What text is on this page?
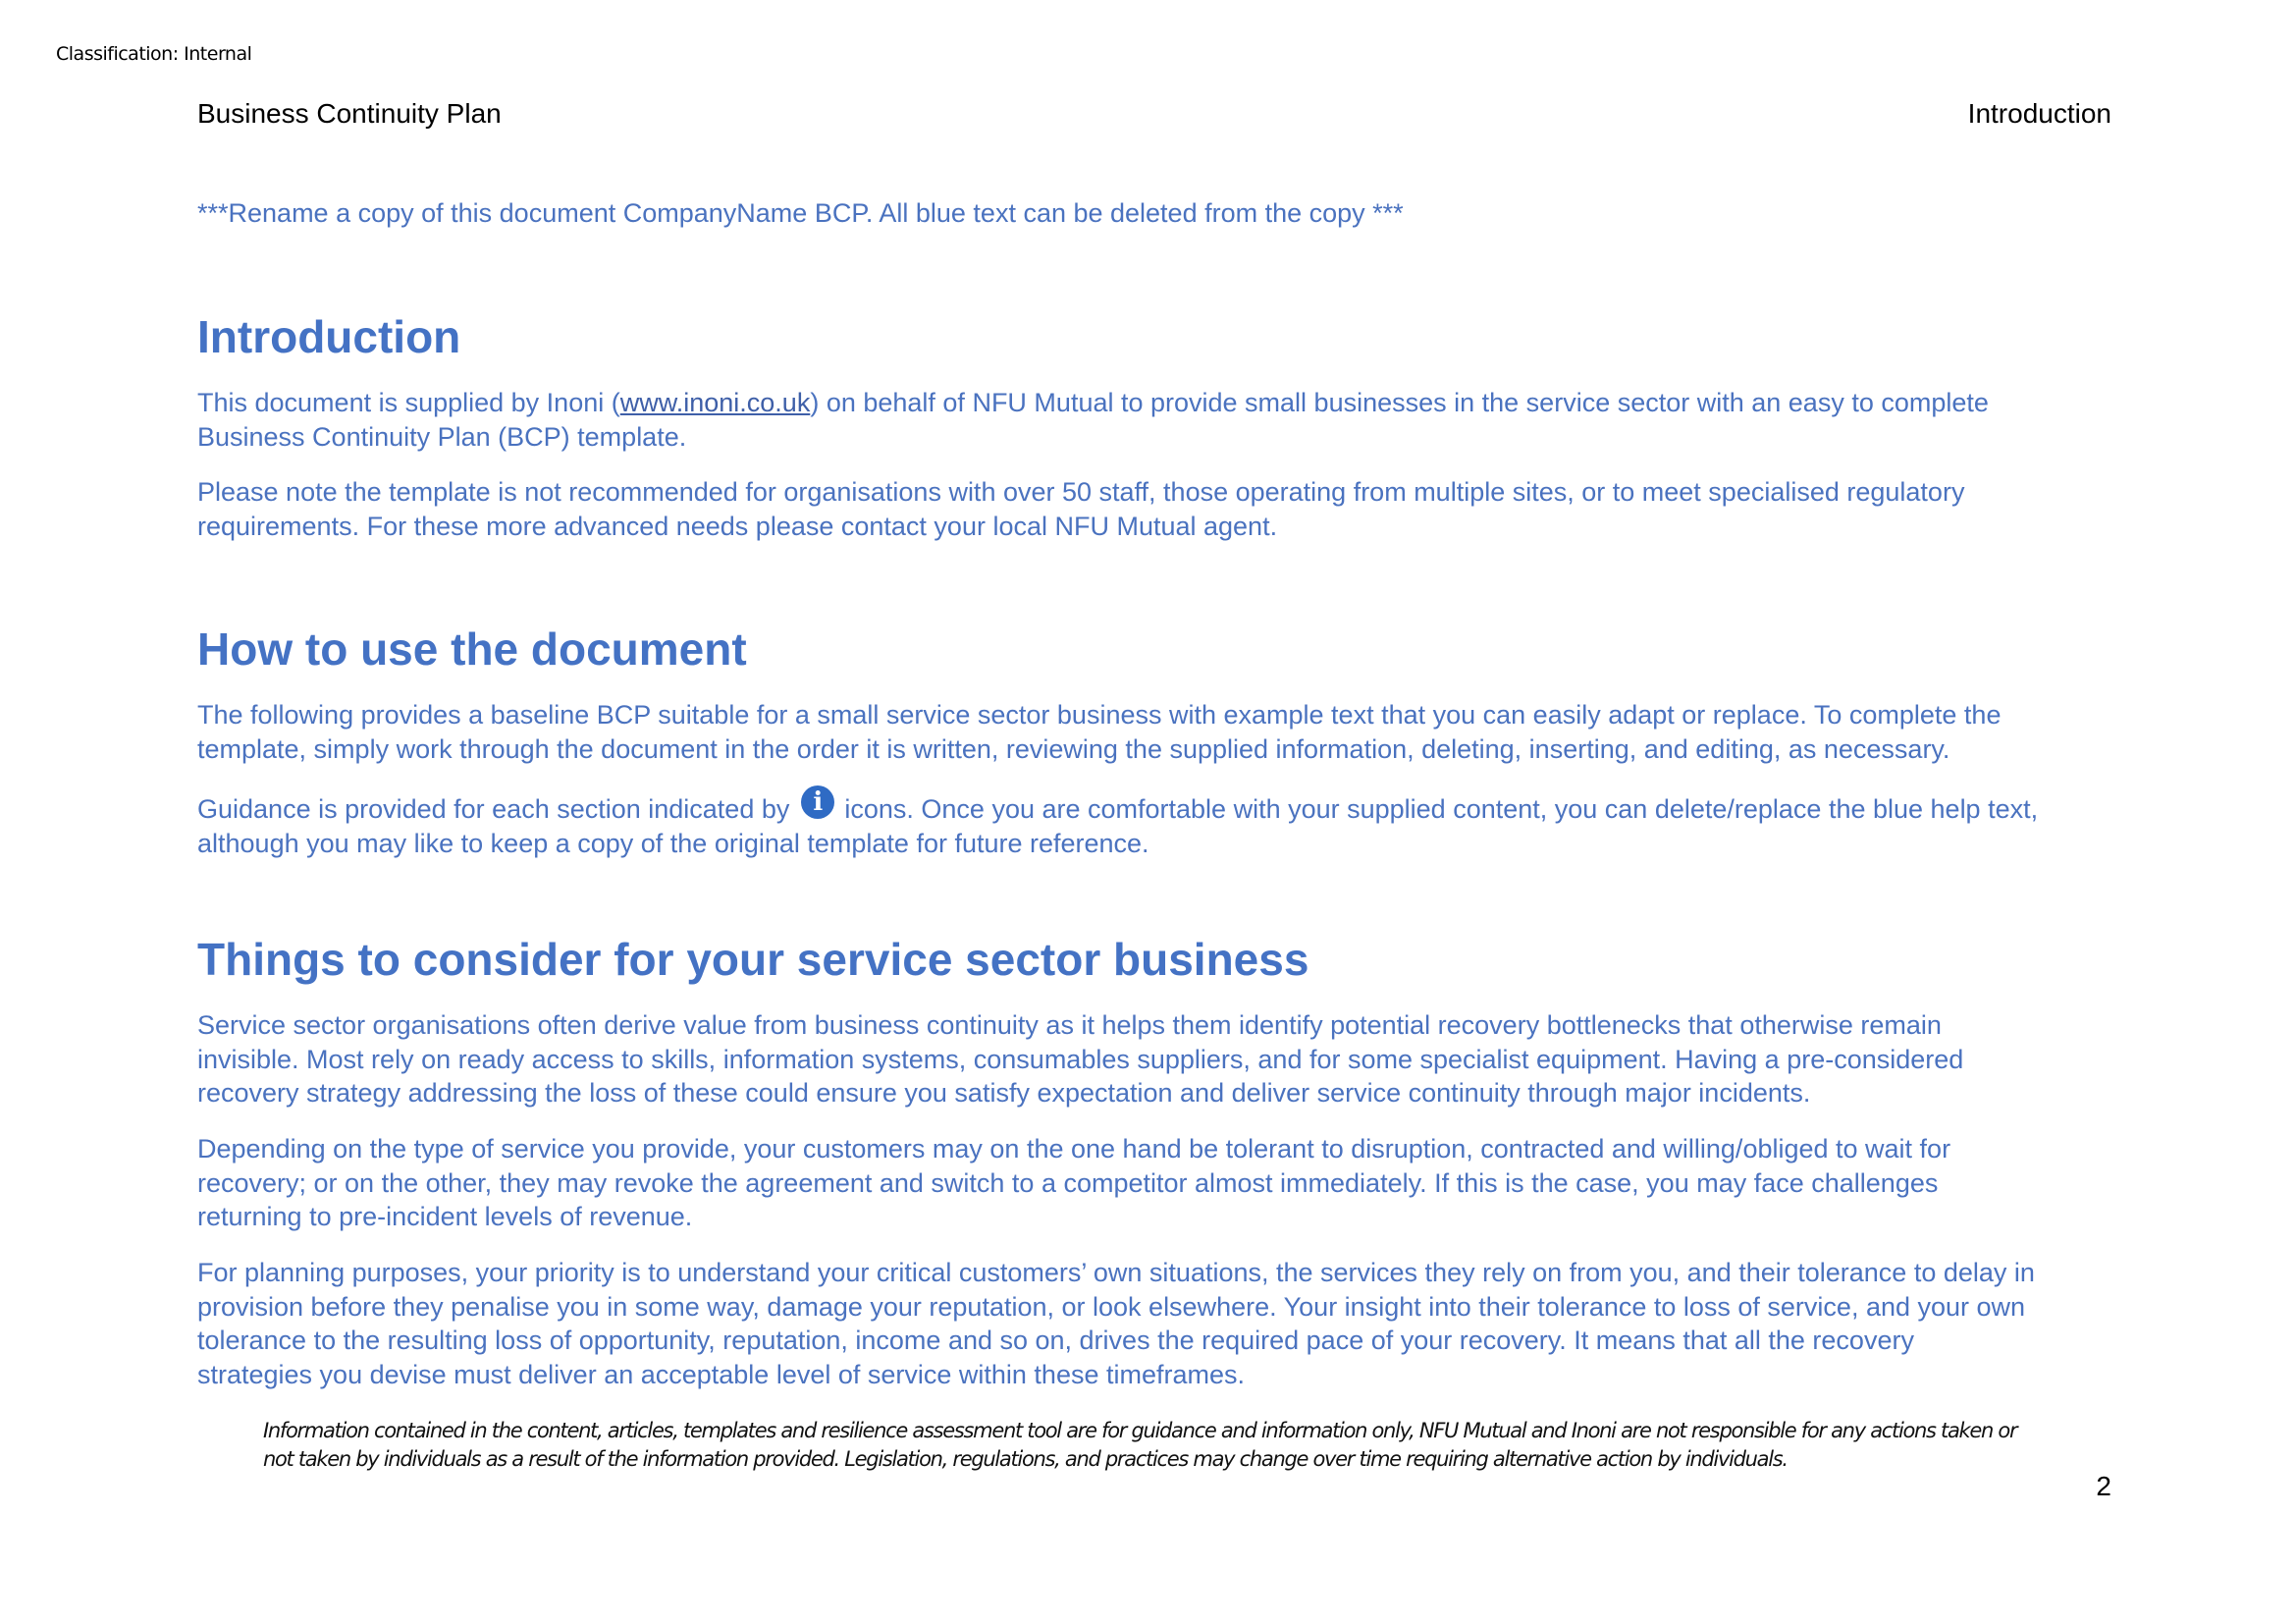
Classification: Internal
Business Continuity Plan	Introduction
***Rename a copy of this document CompanyName BCP. All blue text can be deleted from the copy ***
Introduction
This document is supplied by Inoni (www.inoni.co.uk) on behalf of NFU Mutual to provide small businesses in the service sector with an easy to complete
Business Continuity Plan (BCP) template.
Please note the template is not recommended for organisations with over 50 staff, those operating from multiple sites, or to meet specialised regulatory
requirements. For these more advanced needs please contact your local NFU Mutual agent.
How to use the document
The following provides a baseline BCP suitable for a small service sector business with example text that you can easily adapt or replace. To complete the
template, simply work through the document in the order it is written, reviewing the supplied information, deleting, inserting, and editing, as necessary.
Guidance is provided for each section indicated by i icons. Once you are comfortable with your supplied content, you can delete/replace the blue help text,
although you may like to keep a copy of the original template for future reference.
Things to consider for your service sector business
Service sector organisations often derive value from business continuity as it helps them identify potential recovery bottlenecks that otherwise remain
invisible. Most rely on ready access to skills, information systems, consumables suppliers, and for some specialist equipment. Having a pre-considered
recovery strategy addressing the loss of these could ensure you satisfy expectation and deliver service continuity through major incidents.
Depending on the type of service you provide, your customers may on the one hand be tolerant to disruption, contracted and willing/obliged to wait for
recovery; or on the other, they may revoke the agreement and switch to a competitor almost immediately. If this is the case, you may face challenges
returning to pre-incident levels of revenue.
For planning purposes, your priority is to understand your critical customers’ own situations, the services they rely on from you, and their tolerance to delay in
provision before they penalise you in some way, damage your reputation, or look elsewhere. Your insight into their tolerance to loss of service, and your own
tolerance to the resulting loss of opportunity, reputation, income and so on, drives the required pace of your recovery. It means that all the recovery
strategies you devise must deliver an acceptable level of service within these timeframes.
Information contained in the content, articles, templates and resilience assessment tool are for guidance and information only, NFU Mutual and Inoni are not responsible for any actions taken or
not taken by individuals as a result of the information provided. Legislation, regulations, and practices may change over time requiring alternative action by individuals.
2
